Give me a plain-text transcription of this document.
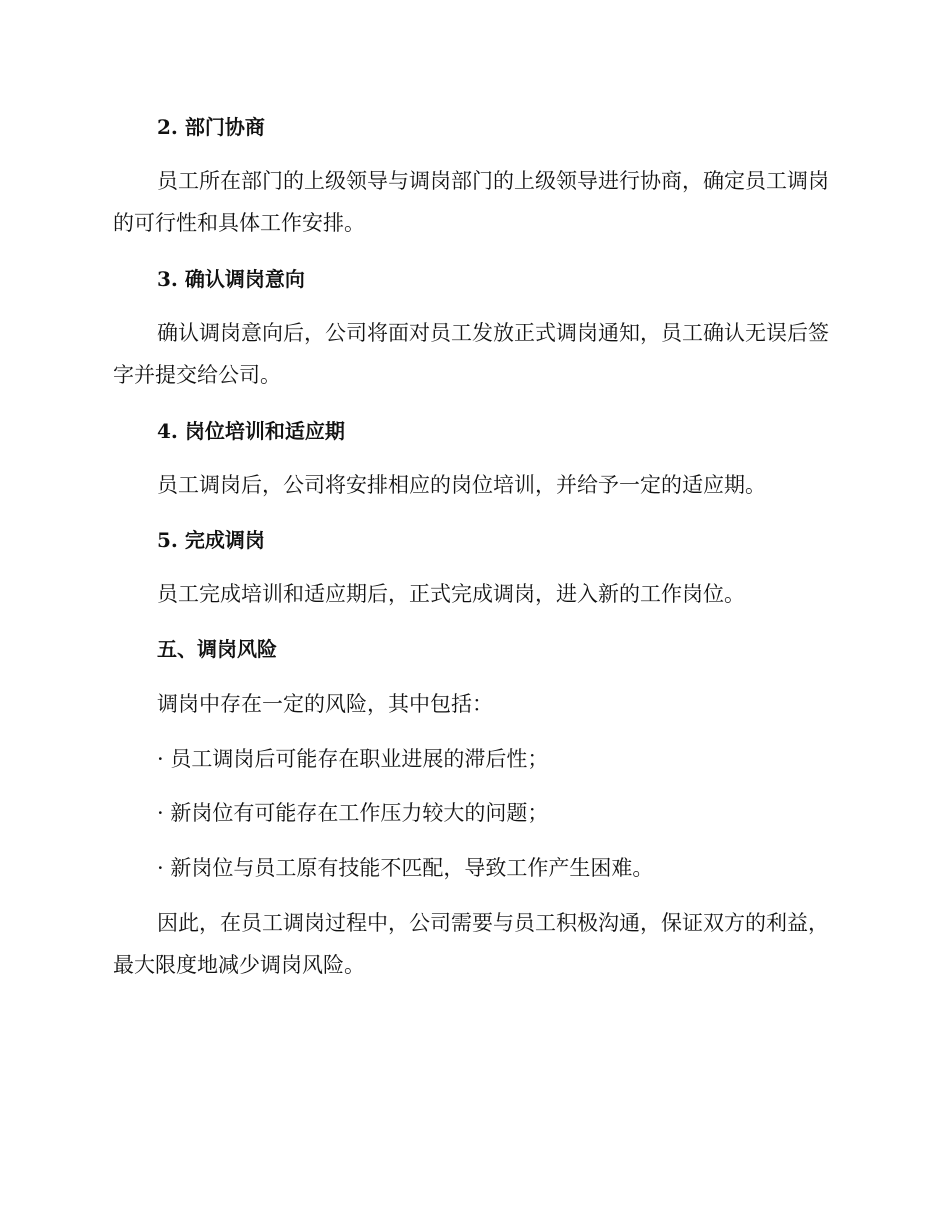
2. 部门协商

员工所在部门的上级领导与调岗部门的上级领导进行协商，确定员工调岗的可行性和具体工作安排。

3. 确认调岗意向

确认调岗意向后，公司将面对员工发放正式调岗通知，员工确认无误后签字并提交给公司。

4. 岗位培训和适应期

员工调岗后，公司将安排相应的岗位培训，并给予一定的适应期。

5. 完成调岗

员工完成培训和适应期后，正式完成调岗，进入新的工作岗位。

五、调岗风险

调岗中存在一定的风险，其中包括：

· 员工调岗后可能存在职业进展的滞后性；

· 新岗位有可能存在工作压力较大的问题；

· 新岗位与员工原有技能不匹配，导致工作产生困难。

因此，在员工调岗过程中，公司需要与员工积极沟通，保证双方的利益，最大限度地减少调岗风险。
